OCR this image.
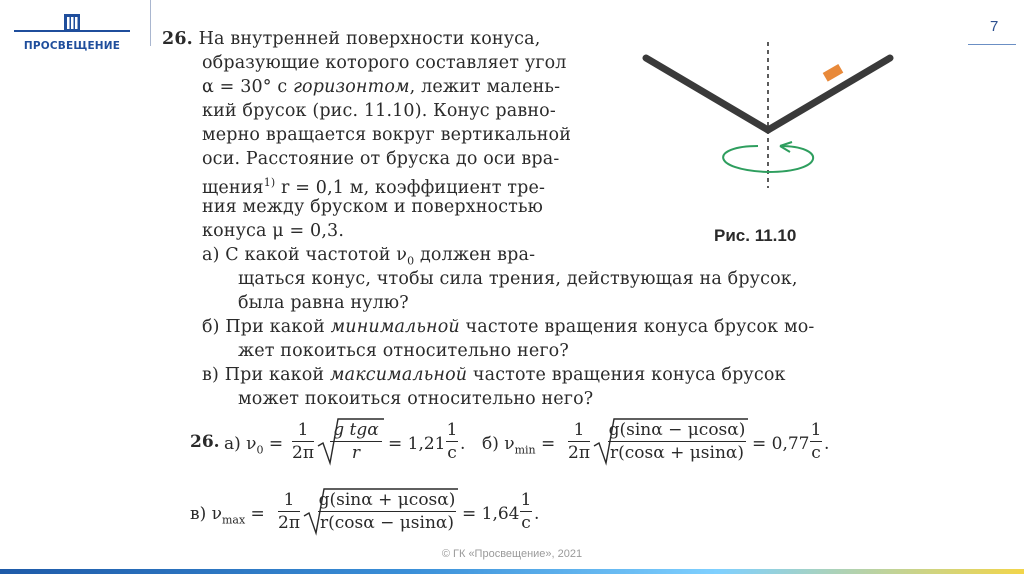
ПРОСВЕЩЕНИЕ
7
26. На внутренней поверхности конуса,
образующие которого составляет угол
α = 30° с горизонтом, лежит малень-
кий брусок (рис. 11.10). Конус равно-
мерно вращается вокруг вертикальной
оси. Расстояние от бруска до оси вра-
щения$^{1)}$ r = 0,1 м, коэффициент тре-
ния между бруском и поверхностью
конуса μ = 0,3.
а) С какой частотой $\nu_0$ должен вра-
щаться конус, чтобы сила трения, действующая на брусок,
была равна нулю?
б) При какой минимальной частоте вращения конуса брусок мо-
жет покоиться относительно него?
в) При какой максимальной частоте вращения конуса брусок
может покоиться относительно него?
Рис. 11.10
26. а) $\nu_0$ =
1
2π
g tgα
r	= 1,21
1
с . б) $\nu_{min}$ =
1
2π
g(sinα − μcosα)
r(cosα + μsinα) = 0,77
1
с .
в) $\nu_{max}$ =
1
2π
g(sinα + μcosα)
r(cosα − μsinα) = 1,64
1
с .
© ГК «Просвещение», 2021
